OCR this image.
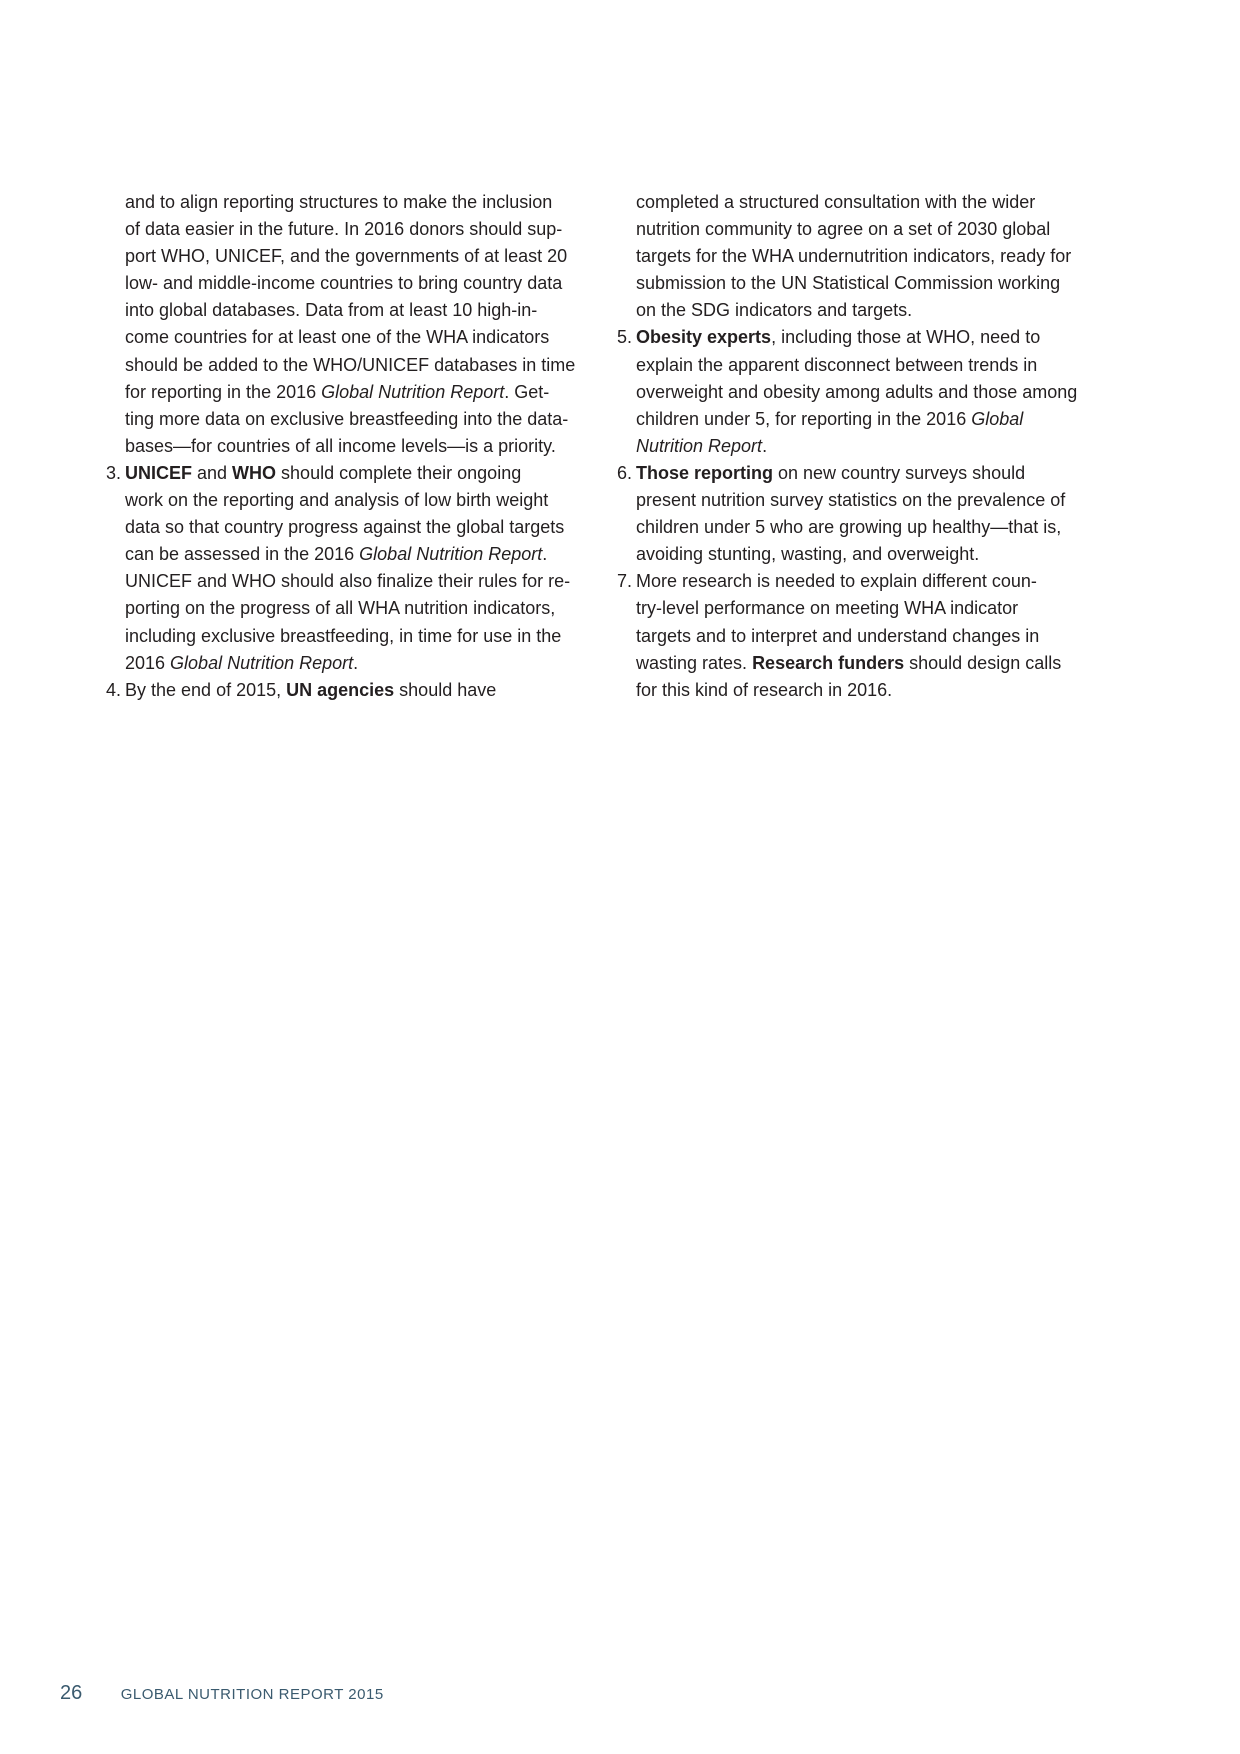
and to align reporting structures to make the inclusion
of data easier in the future. In 2016 donors should sup-
port WHO, UNICEF, and the governments of at least 20
low- and middle-income countries to bring country data
into global databases. Data from at least 10 high-in-
come countries for at least one of the WHA indicators
should be added to the WHO/UNICEF databases in time
for reporting in the 2016 Global Nutrition Report. Get-
ting more data on exclusive breastfeeding into the data-
bases—for countries of all income levels—is a priority.

3. UNICEF and WHO should complete their ongoing
work on the reporting and analysis of low birth weight
data so that country progress against the global targets
can be assessed in the 2016 Global Nutrition Report.
UNICEF and WHO should also finalize their rules for re-
porting on the progress of all WHA nutrition indicators,
including exclusive breastfeeding, in time for use in the
2016 Global Nutrition Report.

4. By the end of 2015, UN agencies should have

completed a structured consultation with the wider
nutrition community to agree on a set of 2030 global
targets for the WHA undernutrition indicators, ready for
submission to the UN Statistical Commission working
on the SDG indicators and targets.

5. Obesity experts, including those at WHO, need to
explain the apparent disconnect between trends in
overweight and obesity among adults and those among
children under 5, for reporting in the 2016 Global
Nutrition Report.

6. Those reporting on new country surveys should
present nutrition survey statistics on the prevalence of
children under 5 who are growing up healthy—that is,
avoiding stunting, wasting, and overweight.

7. More research is needed to explain different coun-
try-level performance on meeting WHA indicator
targets and to interpret and understand changes in
wasting rates. Research funders should design calls
for this kind of research in 2016.

26	GLOBAL NUTRITION REPORT 2015
